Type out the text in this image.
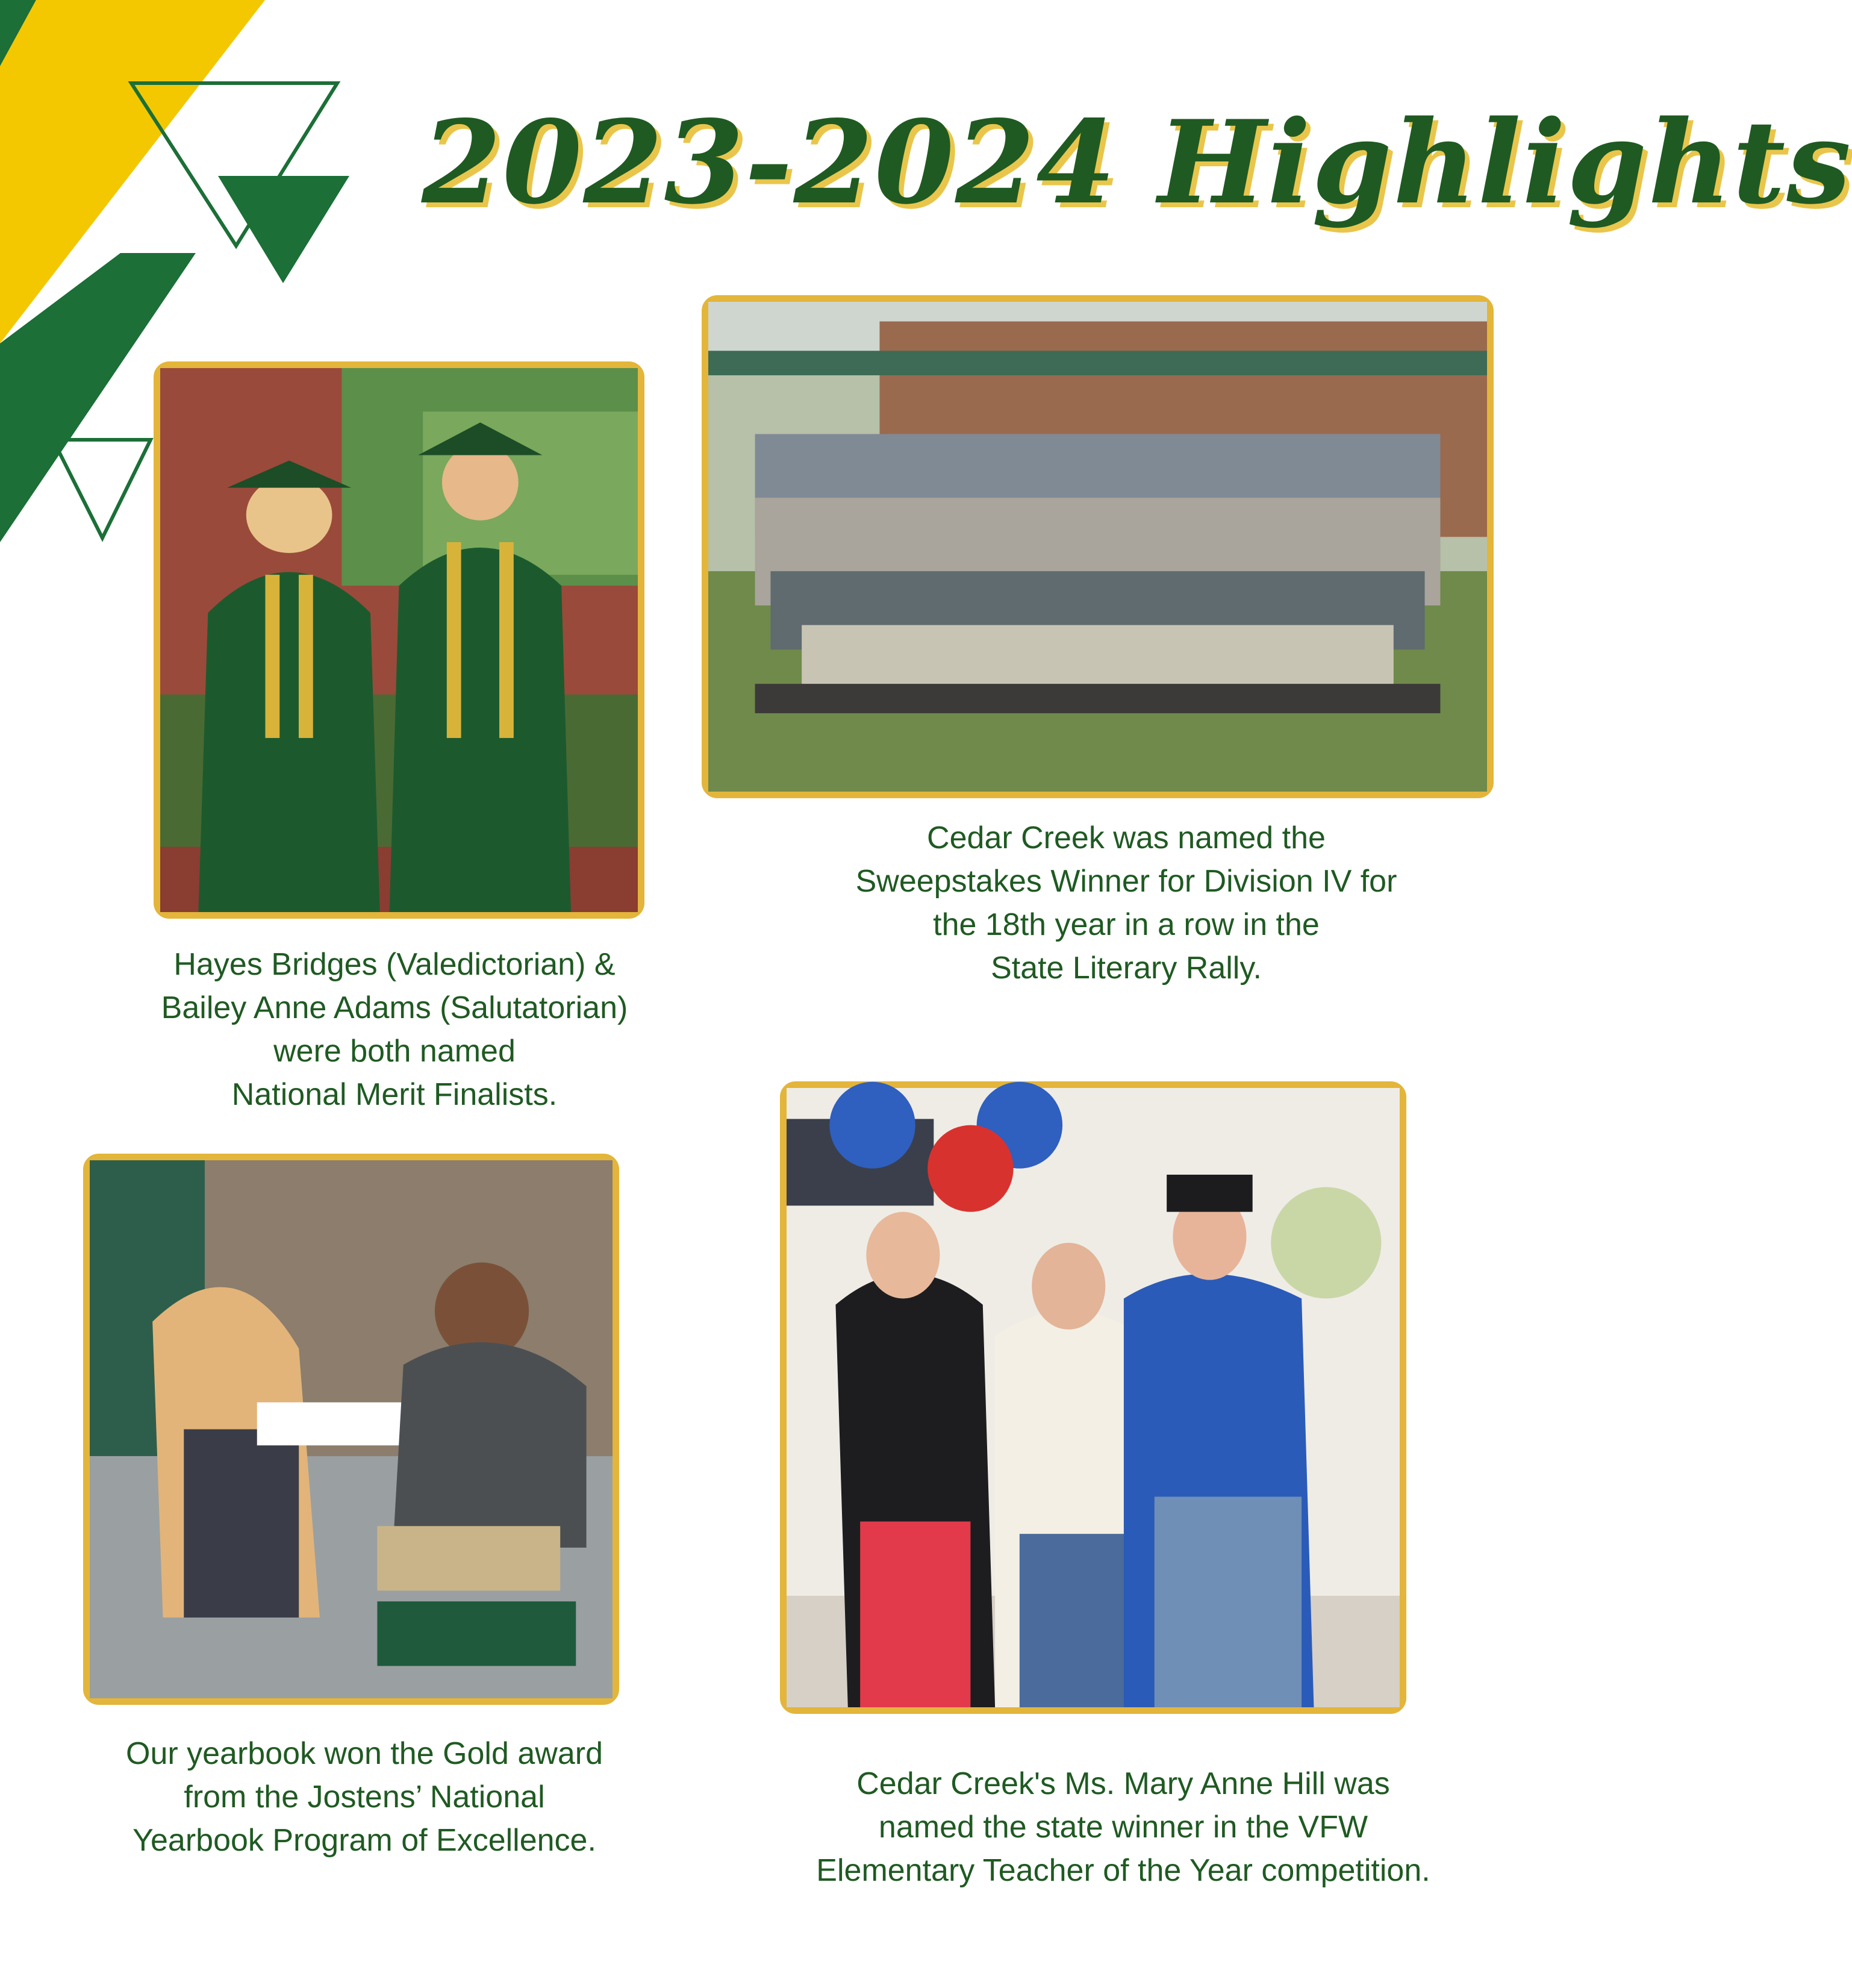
2023-2024 Highlights
Hayes Bridges (Valedictorian) &
Bailey Anne Adams (Salutatorian)
were both named
National Merit Finalists.
Cedar Creek was named the
Sweepstakes Winner for Division IV for
the 18th year in a row in the
State Literary Rally.
Our yearbook won the Gold award
from the Jostens’ National
Yearbook Program of Excellence.
Cedar Creek's Ms. Mary Anne Hill was
named the state winner in the VFW
Elementary Teacher of the Year competition.
